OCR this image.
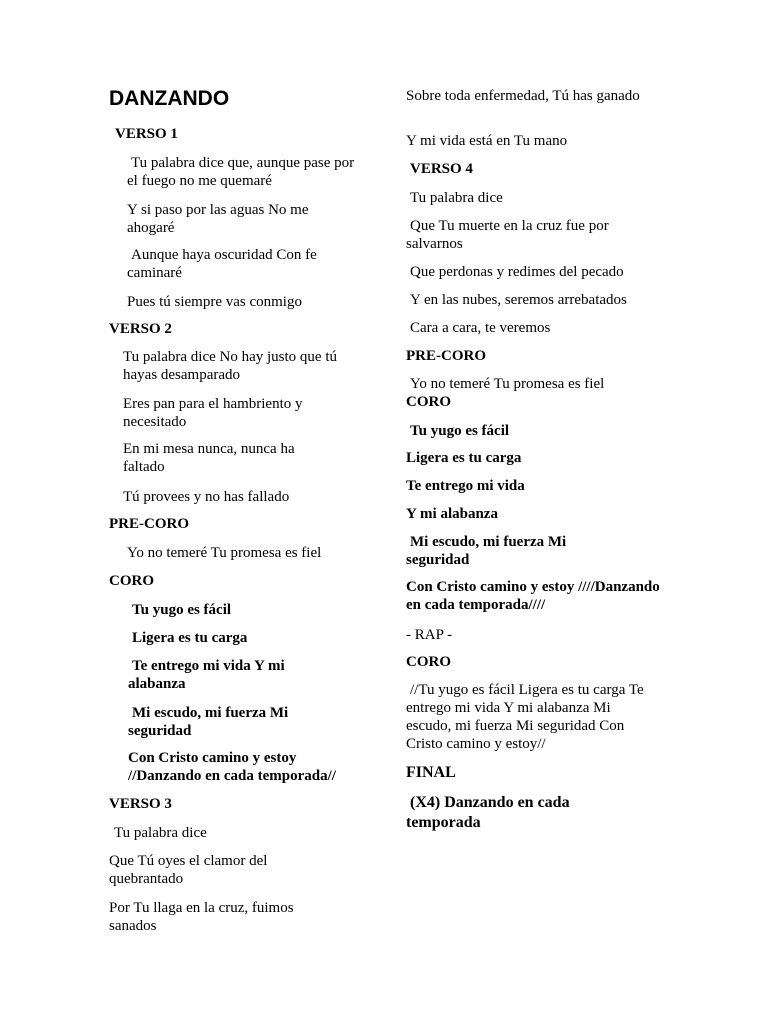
DANZANDO
VERSO 1
Tu palabra dice que, aunque pase por el fuego no me quemaré
Y si paso por las aguas No me ahogaré
Aunque haya oscuridad Con fe caminaré
Pues tú siempre vas conmigo
VERSO 2
Tu palabra dice No hay justo que tú hayas desamparado
Eres pan para el hambriento y necesitado
En mi mesa nunca, nunca ha faltado
Tú provees y no has fallado
PRE-CORO
Yo no temeré Tu promesa es fiel
CORO
Tu yugo es fácil
Ligera es tu carga
Te entrego mi vida Y mi alabanza
Mi escudo, mi fuerza Mi seguridad
Con Cristo camino y estoy //Danzando en cada temporada//
VERSO 3
Tu palabra dice
Que Tú oyes el clamor del quebrantado
Por Tu llaga en la cruz, fuimos sanados
Sobre toda enfermedad, Tú has ganado
Y mi vida está en Tu mano
VERSO 4
Tu palabra dice
Que Tu muerte en la cruz fue por salvarnos
Que perdonas y redimes del pecado
Y en las nubes, seremos arrebatados
Cara a cara, te veremos
PRE-CORO
Yo no temeré Tu promesa es fiel
CORO
Tu yugo es fácil
Ligera es tu carga
Te entrego mi vida
Y mi alabanza
Mi escudo, mi fuerza Mi seguridad
Con Cristo camino y estoy ////Danzando en cada temporada////
- RAP -
CORO
//Tu yugo es fácil Ligera es tu carga Te entrego mi vida Y mi alabanza Mi escudo, mi fuerza Mi seguridad Con Cristo camino y estoy//
FINAL
(X4) Danzando en cada temporada
